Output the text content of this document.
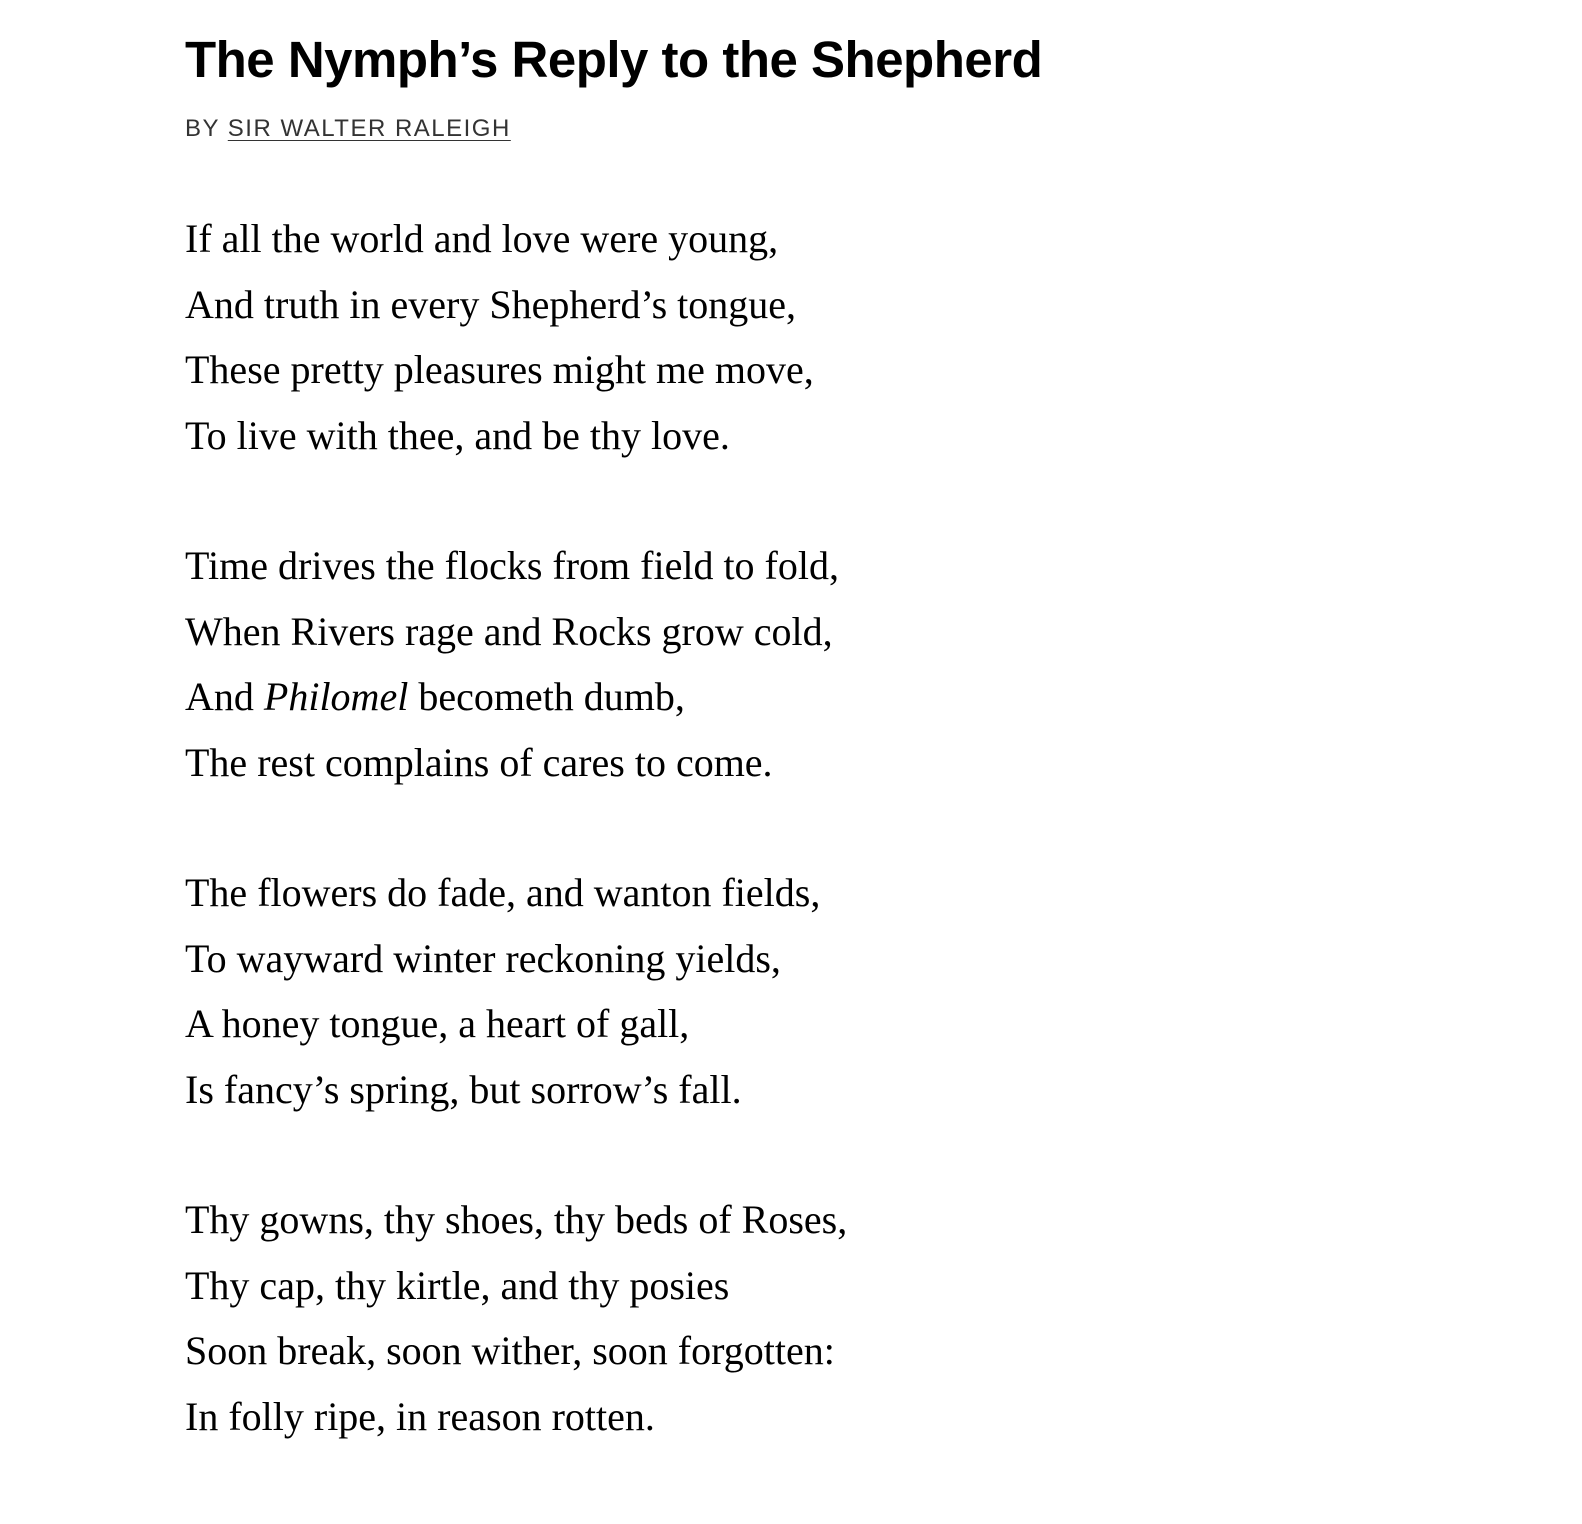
The Nymph’s Reply to the Shepherd
BY SIR WALTER RALEIGH
If all the world and love were young,
And truth in every Shepherd’s tongue,
These pretty pleasures might me move,
To live with thee, and be thy love.
Time drives the flocks from field to fold,
When Rivers rage and Rocks grow cold,
And Philomel becometh dumb,
The rest complains of cares to come.
The flowers do fade, and wanton fields,
To wayward winter reckoning yields,
A honey tongue, a heart of gall,
Is fancy’s spring, but sorrow’s fall.
Thy gowns, thy shoes, thy beds of Roses,
Thy cap, thy kirtle, and thy posies
Soon break, soon wither, soon forgotten:
In folly ripe, in reason rotten.
